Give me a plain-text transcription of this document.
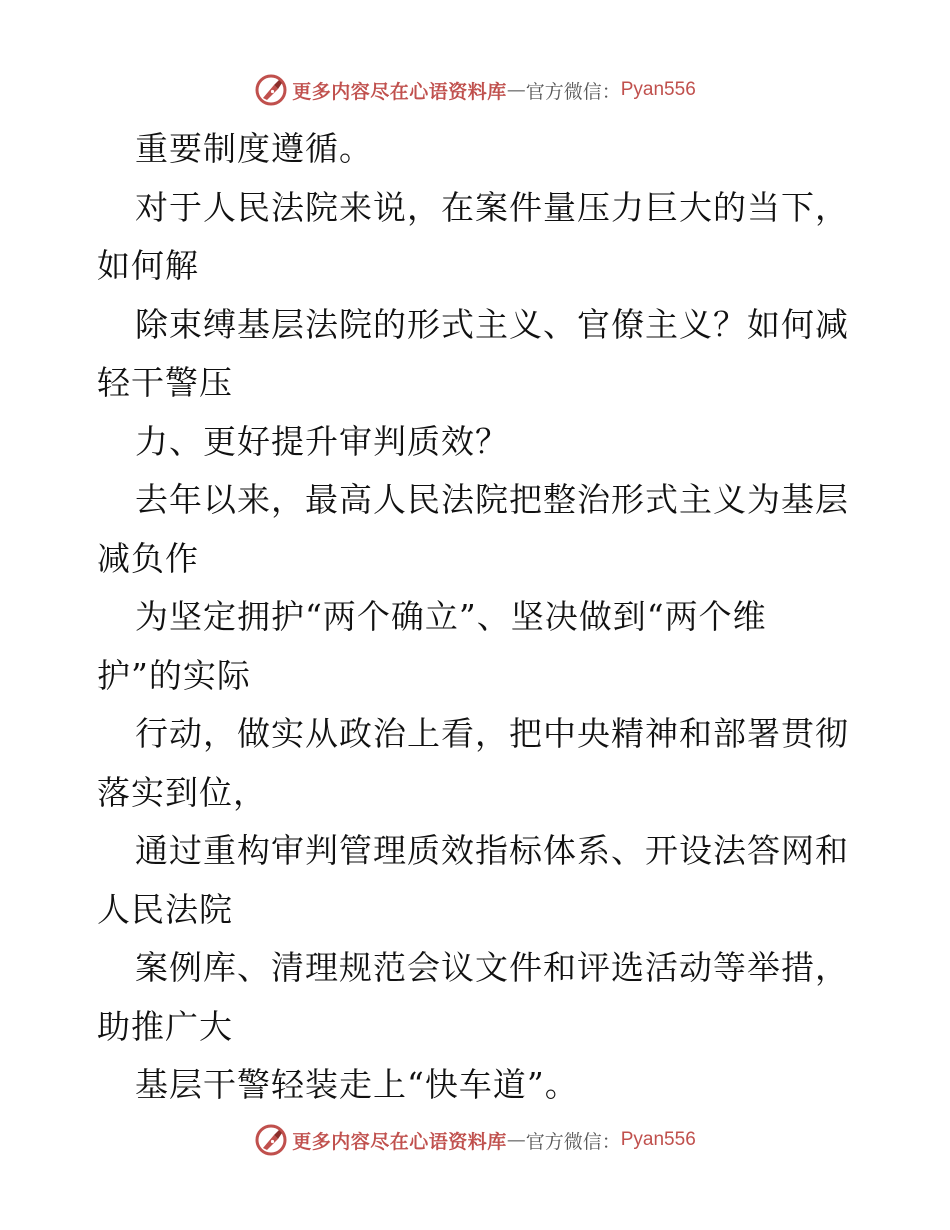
更多内容尽在心语资料库 — 官方微信： Pyan556
重要制度遵循。
对于人民法院来说，在案件量压力巨大的当下，
如何解
除束缚基层法院的形式主义、官僚主义？如何减
轻干警压
力、更好提升审判质效？
去年以来，最高人民法院把整治形式主义为基层
减负作
为坚定拥护“两个确立”、坚决做到“两个维
护”的实际
行动，做实从政治上看，把中央精神和部署贯彻
落实到位，
通过重构审判管理质效指标体系、开设法答网和
人民法院
案例库、清理规范会议文件和评选活动等举措，
助推广大
基层干警轻装走上“快车道”。
更多内容尽在心语资料库 — 官方微信： Pyan556
